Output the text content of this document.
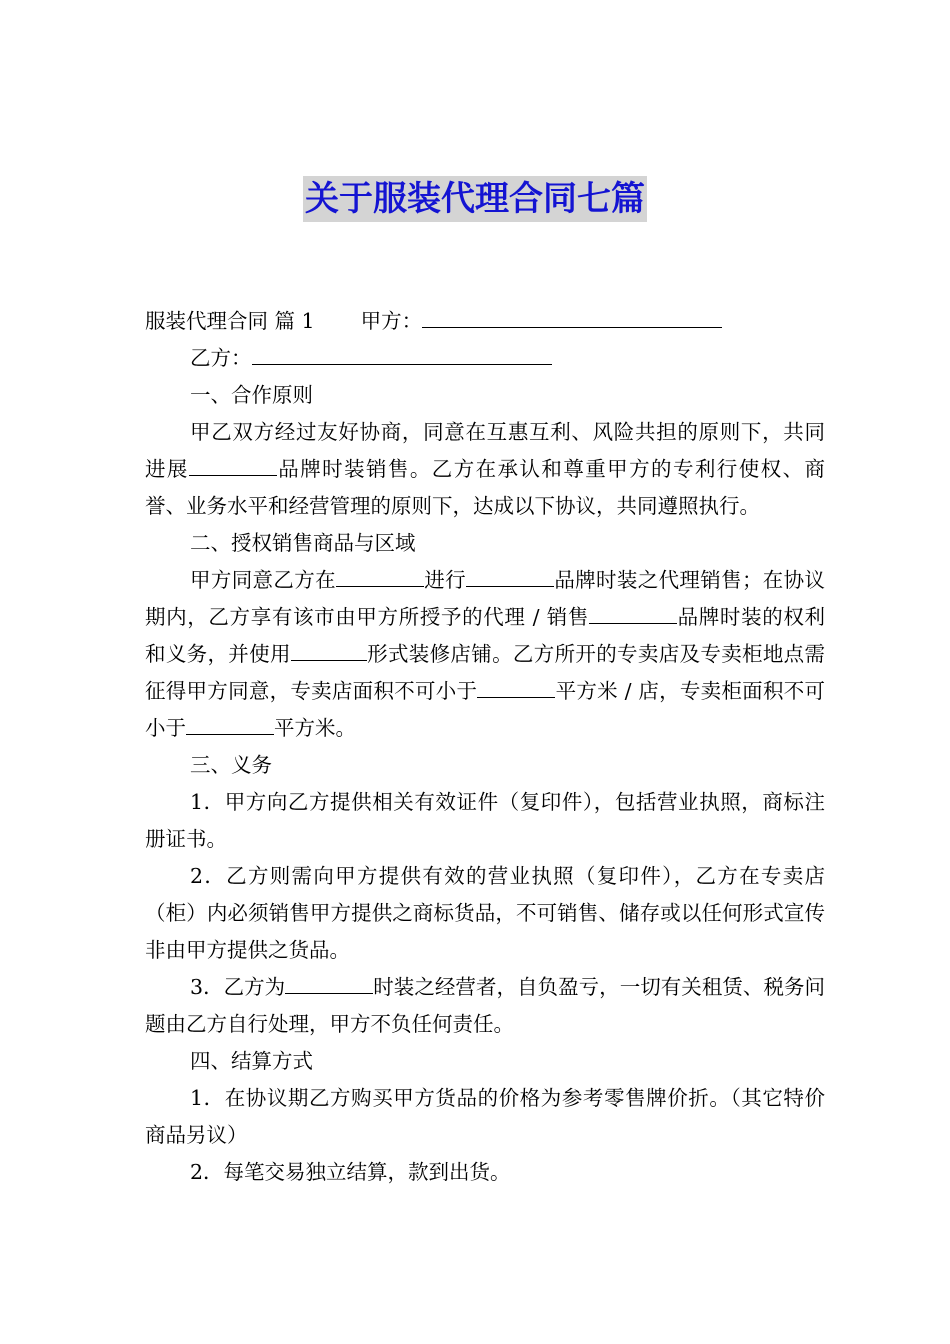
关于服装代理合同七篇

服装代理合同 篇 1 甲方：

乙方：

一、合作原则

甲乙双方经过友好协商，同意在互惠互利、风险共担的原则下，共同进展	品牌时装销售。乙方在承认和尊重甲方的专利行使权、商誉、业务水平和经营管理的原则下，达成以下协议，共同遵照执行。

二、授权销售商品与区域

甲方同意乙方在	进行	品牌时装之代理销售；在协议期内，乙方享有该市由甲方所授予的代理 / 销售	品牌时装的权利和义务，并使用	形式装修店铺。乙方所开的专卖店及专卖柜地点需征得甲方同意，专卖店面积不可小于	平方米 / 店，专卖柜面积不可小于	平方米。

三、义务

1．甲方向乙方提供相关有效证件（复印件），包括营业执照，商标注册证书。

2．乙方则需向甲方提供有效的营业执照（复印件），乙方在专卖店（柜）内必须销售甲方提供之商标货品，不可销售、储存或以任何形式宣传非由甲方提供之货品。

3．乙方为	时装之经营者，自负盈亏，一切有关租赁、税务问题由乙方自行处理，甲方不负任何责任。

四、结算方式

1．在协议期乙方购买甲方货品的价格为参考零售牌价折。（其它特价商品另议）

2．每笔交易独立结算，款到出货。
